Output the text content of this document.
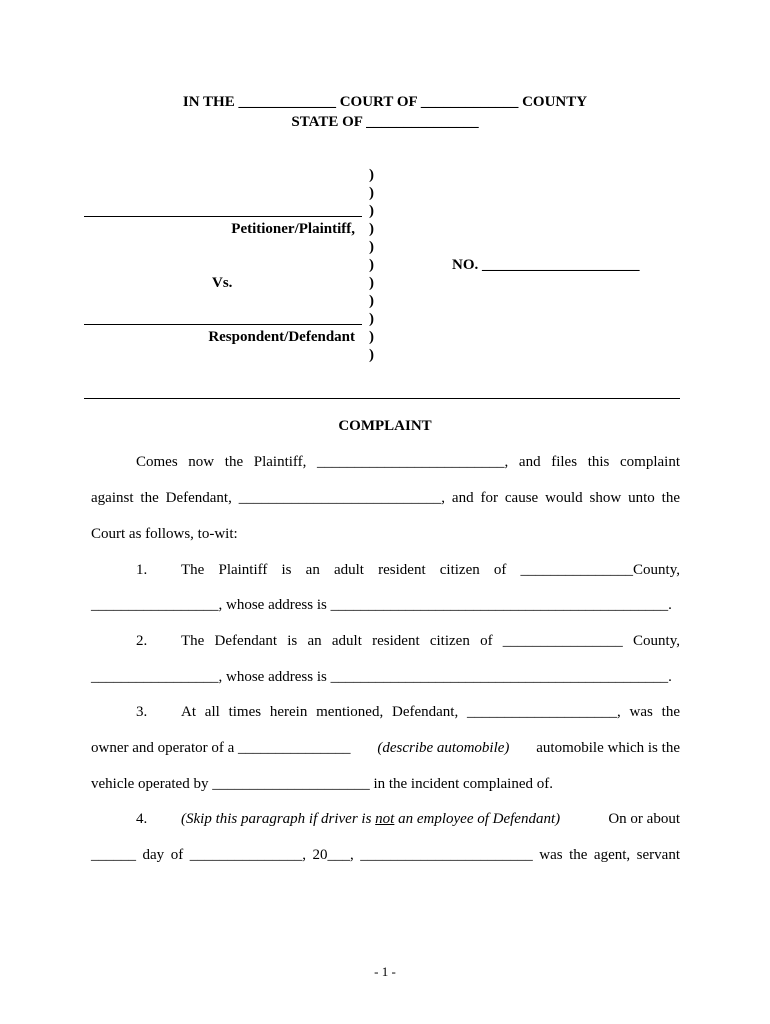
IN THE _____________ COURT OF _____________ COUNTY
STATE OF _______________
)
)
)
)
)
)
)
)
)
)
)
Petitioner/Plaintiff,
Vs.
Respondent/Defendant
NO. _____________________
COMPLAINT
Comes now the Plaintiff, _________________________, and files this complaint
against the Defendant, ___________________________, and for cause would show unto the
Court as follows, to-wit:
1. The Plaintiff is an adult resident citizen of _______________County,
_________________, whose address is _____________________________________________.
2. The Defendant is an adult resident citizen of ________________ County,
_________________, whose address is _____________________________________________.
3. At all times herein mentioned, Defendant, ____________________, was the
owner and operator of a _______________ (describe automobile) automobile which is the
vehicle operated by _____________________ in the incident complained of.
4. (Skip this paragraph if driver is not an employee of Defendant)	On or about
______ day of _______________, 20___, _______________________ was the agent, servant
- 1 -
